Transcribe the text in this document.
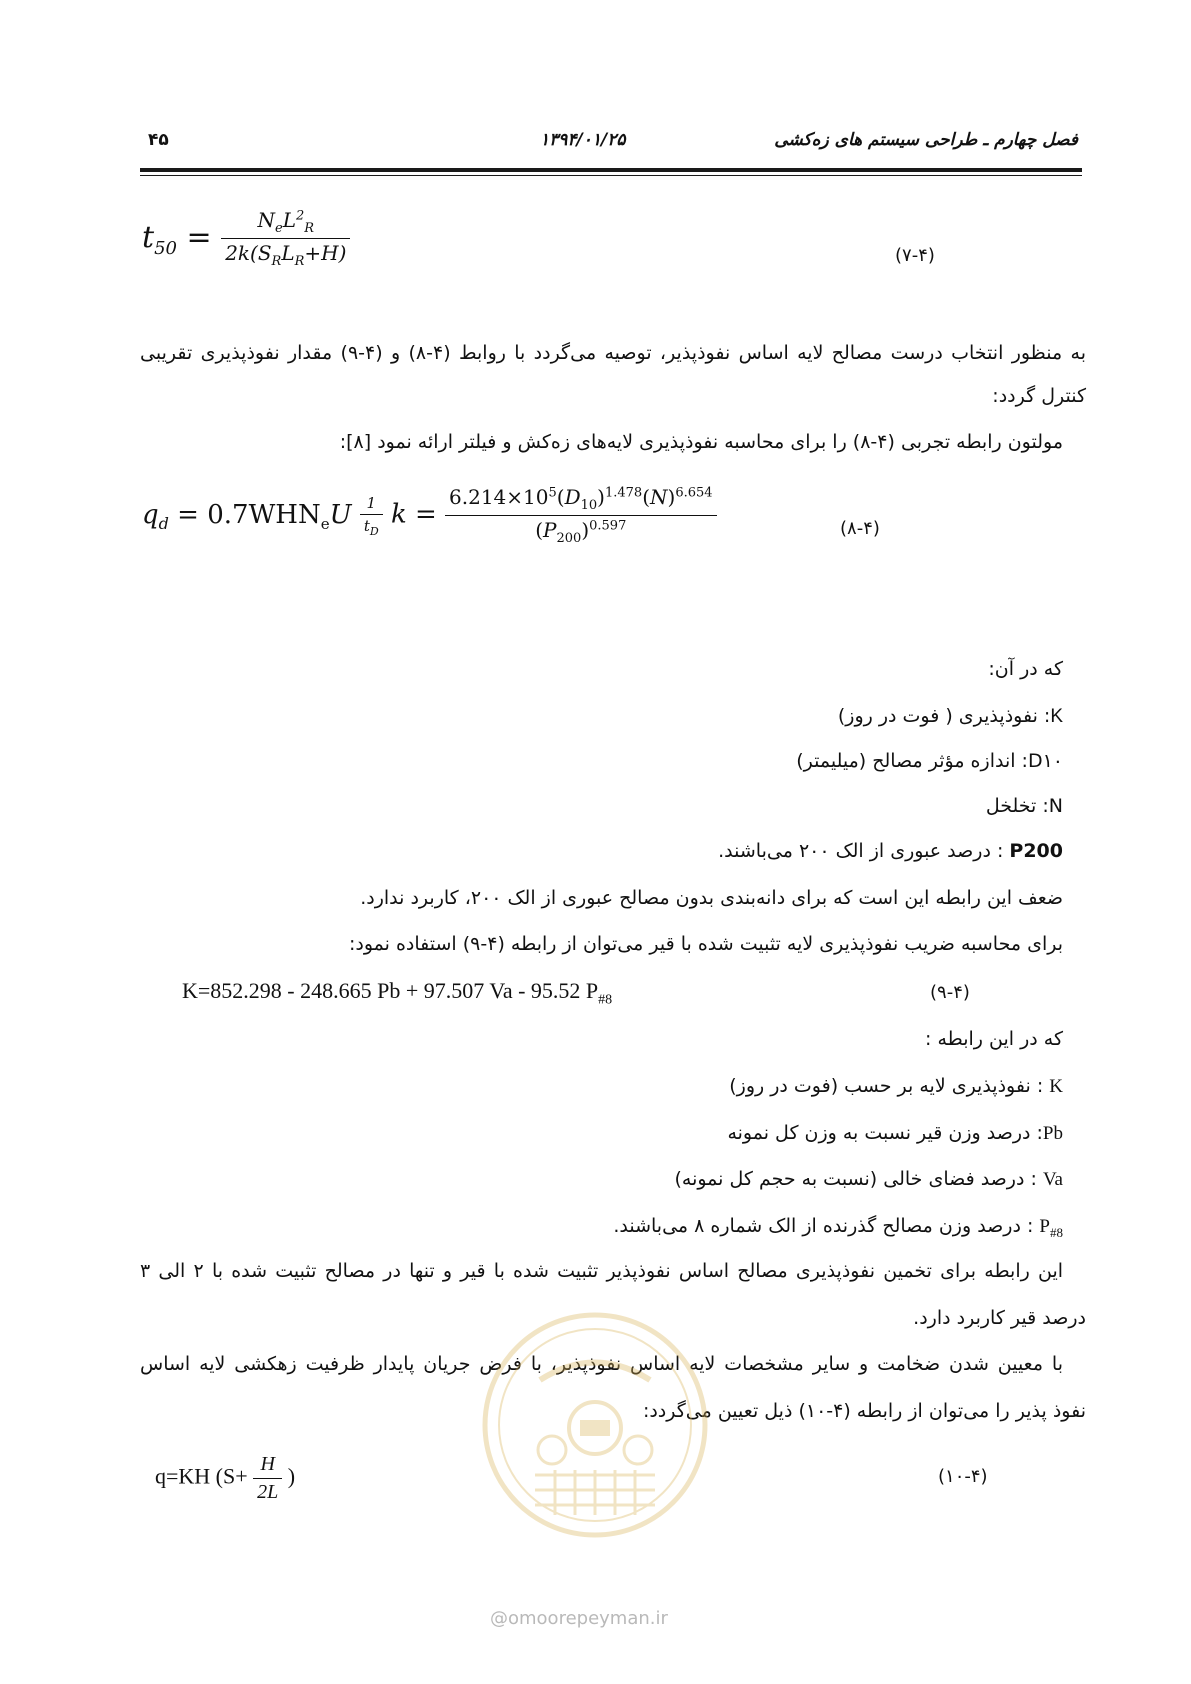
فصل چهارم ـ طراحی سیستم های زه‌کشی
۱۳۹۴/۰۱/۲۵
۴۵
$t_{50} = \frac{N_eL^2_R}{2k(S_RL_R+H)}$	(۷-۴)
به منظور انتخاب درست مصالح لایه اساس نفوذپذیر، توصیه می‌گردد با روابط (۴-۸) و (۴-۹) مقدار نفوذپذیری تقریبی
کنترل گردد:
مولتون رابطه تجربی (۴-۸) را برای محاسبه نفوذپذیری لایه‌های زه‌کش و فیلتر ارائه نمود [۸]:
$q_d = 0.7WHN_eU \frac{1}{t_D}$ $k = \frac{6.214\times 10^5(D_{10})^{1.478}(N)^{6.654}}{(P_{200})^{0.597}}$	(۸-۴)
که در آن:
K: نفوذپذیری ( فوت در روز)
D۱۰: اندازه مؤثر مصالح (میلیمتر)
N: تخلخل
P200 : درصد عبوری از الک ۲۰۰ می‌باشند.
ضعف این رابطه این است که برای دانه‌بندی بدون مصالح عبوری از الک ۲۰۰، کاربرد ندارد.
برای محاسبه ضریب نفوذپذیری لایه تثبیت شده با قیر می‌توان از رابطه (۴-۹) استفاده نمود:
K=852.298 - 248.665 Pb + 97.507 Va - 95.52 $P_{\#8}$	(۹-۴)
که در این رابطه :
K : نفوذپذیری لایه بر حسب (فوت در روز)
Pb: درصد وزن قیر نسبت به وزن کل نمونه
Va : درصد فضای خالی (نسبت به حجم کل نمونه)
$P_{\#8}$ : درصد وزن مصالح گذرنده از الک شماره ۸ می‌باشند.
این رابطه برای تخمین نفوذپذیری مصالح اساس نفوذپذیر تثبیت شده با قیر و تنها در مصالح تثبیت شده با ۲ الی ۳
درصد قیر کاربرد دارد.
با معیین شدن ضخامت و سایر مشخصات لایه اساس نفوذپذیر، با فرض جریان پایدار ظرفیت زهکشی لایه اساس
نفوذ پذیر را می‌توان از رابطه (۴-۱۰) ذیل تعیین می‌گردد:
q=KH ($S+ \frac{H}{2L}$ )	(۱۰-۴)
@omoorepeyman.ir
